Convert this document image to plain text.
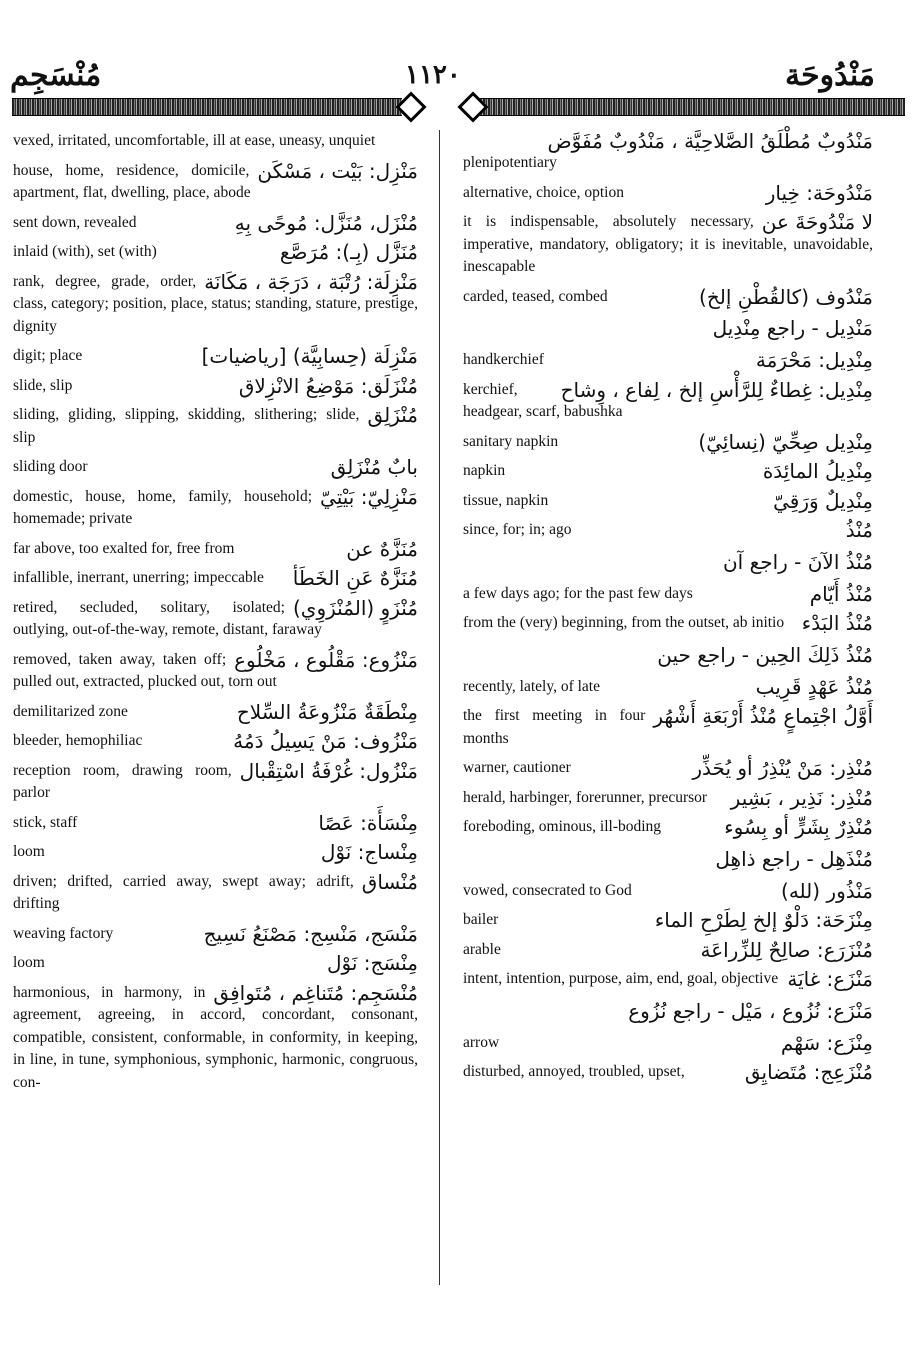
مَنْدُوحَة
١١٢٠
مُنْسَجِم
vexed, irritated, uncomfortable, ill at ease, uneasy, unquiet
مَنْزِل: بَيْت ، مَسْكَن
house, home, residence, domicile, apartment, flat, dwelling, place, abode
مُنْزَل، مُنَزَّل: مُوحًى بِهِ
sent down, revealed
مُنَزَّل (بِـ): مُرَصَّع
inlaid (with), set (with)
مَنْزِلَة: رُتْبَة ، دَرَجَة ، مَكَانَة
rank, degree, grade, order, class, category; position, place, status; standing, stature, prestige, dignity
مَنْزِلَة (حِسابِيَّة) [رياضيات]
digit; place
مُنْزَلَق: مَوْضِعُ الانْزِلاق
slide, slip
مُنْزَلِق
sliding, gliding, slipping, skidding, slithering; slide, slip
بابٌ مُنْزَلِق
sliding door
مَنْزِلِيّ: بَيْتِيّ
domestic, house, home, family, household; homemade; private
مُنَزَّهٌ عن
far above, too exalted for, free from
مُنَزَّهٌ عَنِ الخَطَأ
infallible, inerrant, unerring; impeccable
مُنْزَوٍ (المُنْزَوِي)
retired, secluded, solitary, isolated; outlying, out-of-the-way, remote, distant, faraway
مَنْزُوع: مَقْلُوع ، مَخْلُوع
removed, taken away, taken off; pulled out, extracted, plucked out, torn out
مِنْطَقَةٌ مَنْزُوعَةُ السِّلاح
demilitarized zone
مَنْزُوف: مَنْ يَسِيلُ دَمُهُ
bleeder, hemophiliac
مَنْزُول: غُرْفَةُ اسْتِقْبال
reception room, drawing room, parlor
مِنْسَأَة: عَصًا
stick, staff
مِنْساج: نَوْل
loom
مُنْساق
driven; drifted, carried away, swept away; adrift, drifting
مَنْسَج، مَنْسِج: مَصْنَعُ نَسِيج
weaving factory
مِنْسَج: نَوْل
loom
مُنْسَجِم: مُتَناغِم ، مُتَوافِق
harmonious, in harmony, in agreement, agreeing, in accord, concordant, consonant, compatible, consistent, conformable, in conformity, in keeping, in line, in tune, symphonious, symphonic, harmonic, congruous, con-
مَنْدُوبٌ مُطْلَقُ الصَّلاحِيَّة ، مَنْدُوبٌ مُفَوَّض
plenipotentiary
مَنْدُوحَة: خِيار
alternative, choice, option
لا مَنْدُوحَةَ عن
it is indispensable, absolutely necessary, imperative, mandatory, obligatory; it is inevitable, unavoidable, inescapable
مَنْدُوف (كالقُطْنِ إلخ)
carded, teased, combed
مَنْدِيل - راجع مِنْدِيل
مِنْدِيل: مَحْرَمَة
handkerchief
مِنْدِيل: غِطاءٌ لِلرَّأْسِ إلخ ، لِفاع ، وِشاح
kerchief, headgear, scarf, babushka
مِنْدِيل صِحِّيّ (نِسائِيّ)
sanitary napkin
مِنْدِيلُ المائِدَة
napkin
مِنْدِيلٌ وَرَقِيّ
tissue, napkin
مُنْذُ
since, for; in; ago
مُنْذُ الآنَ - راجع آن
مُنْذُ أَيّام
a few days ago; for the past few days
مُنْذُ البَدْء
from the (very) beginning, from the outset, ab initio
مُنْذُ ذَلِكَ الحِين - راجع حين
مُنْذُ عَهْدٍ قَرِيب
recently, lately, of late
أَوَّلُ اجْتِماعٍ مُنْذُ أَرْبَعَةِ أَشْهُر
the first meeting in four months
مُنْذِر: مَنْ يُنْذِرُ أو يُحَذِّر
warner, cautioner
مُنْذِر: نَذِير ، بَشِير
herald, harbinger, forerunner, precursor
مُنْذِرٌ بِشَرٍّ أو بِسُوء
foreboding, ominous, ill-boding
مُنْذَهِل - راجع ذاهِل
مَنْذُور (لله)
vowed, consecrated to God
مِنْزَحَة: دَلْوٌ إلخ لِطَرْحِ الماء
bailer
مُنْزَرَع: صالِحٌ لِلزِّراعَة
arable
مَنْزَع: غايَة
intent, intention, purpose, aim, end, goal, objective
مَنْزَع: نُزُوع ، مَيْل - راجع نُزُوع
مِنْزَع: سَهْم
arrow
مُنْزَعِج: مُتَضايِق
disturbed, annoyed, troubled, upset,
